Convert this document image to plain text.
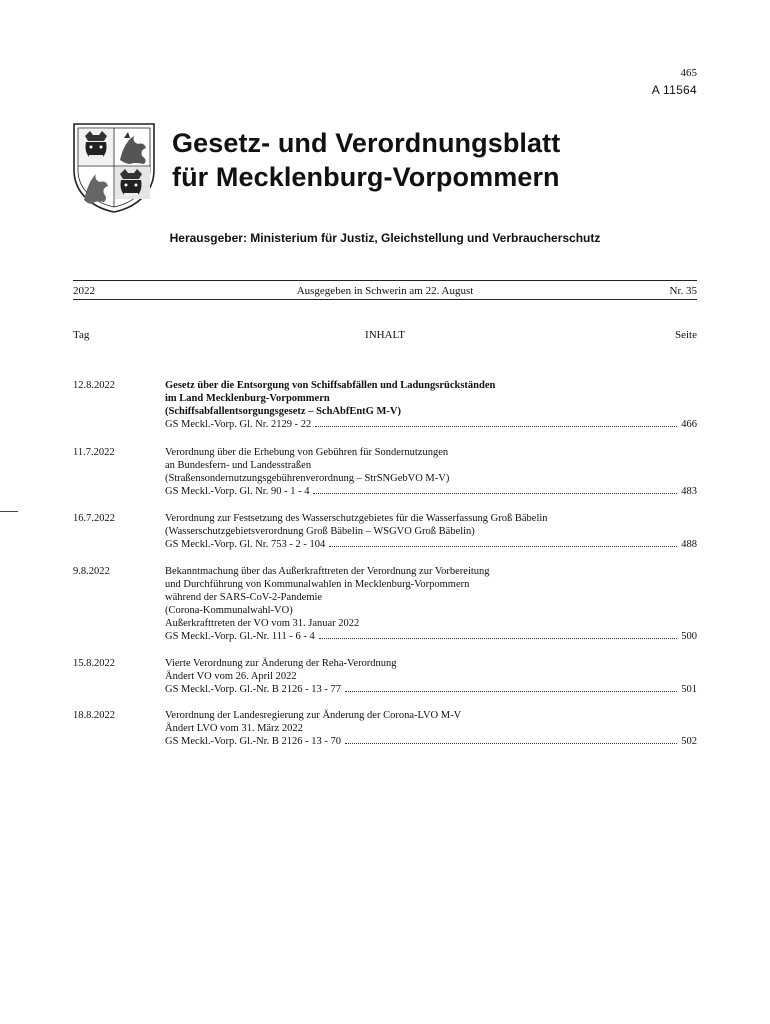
465
A 11564
Gesetz- und Verordnungsblatt
für Mecklenburg-Vorpommern
Herausgeber: Ministerium für Justiz, Gleichstellung und Verbraucherschutz
2022	Ausgegeben in Schwerin am 22. August	Nr. 35
Tag	INHALT	Seite
12.8.2022	Gesetz über die Entsorgung von Schiffsabfällen und Ladungsrückständen
im Land Mecklenburg-Vorpommern
(Schiffsabfallentsorgungsgesetz – SchAbfEntG M-V)
GS Meckl.-Vorp. Gl. Nr. 2129 - 22	466
11.7.2022	Verordnung über die Erhebung von Gebühren für Sondernutzungen
an Bundesfern- und Landesstraßen
(Straßensondernutzungsgebührenverordnung – StrSNGebVO M-V)
GS Meckl.-Vorp. Gl. Nr. 90 - 1 - 4	483
16.7.2022	Verordnung zur Festsetzung des Wasserschutzgebietes für die Wasserfassung Groß Bäbelin
(Wasserschutzgebietsverordnung Groß Bäbelin – WSGVO Groß Bäbelin)
GS Meckl.-Vorp. Gl. Nr. 753 - 2 - 104	488
9.8.2022	Bekanntmachung über das Außerkrafttreten der Verordnung zur Vorbereitung
und Durchführung von Kommunalwahlen in Mecklenburg-Vorpommern
während der SARS-CoV-2-Pandemie
(Corona-Kommunalwahl-VO)
Außerkrafttreten der VO vom 31. Januar 2022
GS Meckl.-Vorp. Gl.-Nr. 111 - 6 - 4	500
15.8.2022	Vierte Verordnung zur Änderung der Reha-Verordnung
Ändert VO vom 26. April 2022
GS Meckl.-Vorp. Gl.-Nr. B 2126 - 13 - 77	501
18.8.2022	Verordnung der Landesregierung zur Änderung der Corona-LVO M-V
Ändert LVO vom 31. März 2022
GS Meckl.-Vorp. Gl.-Nr. B 2126 - 13 - 70	502
